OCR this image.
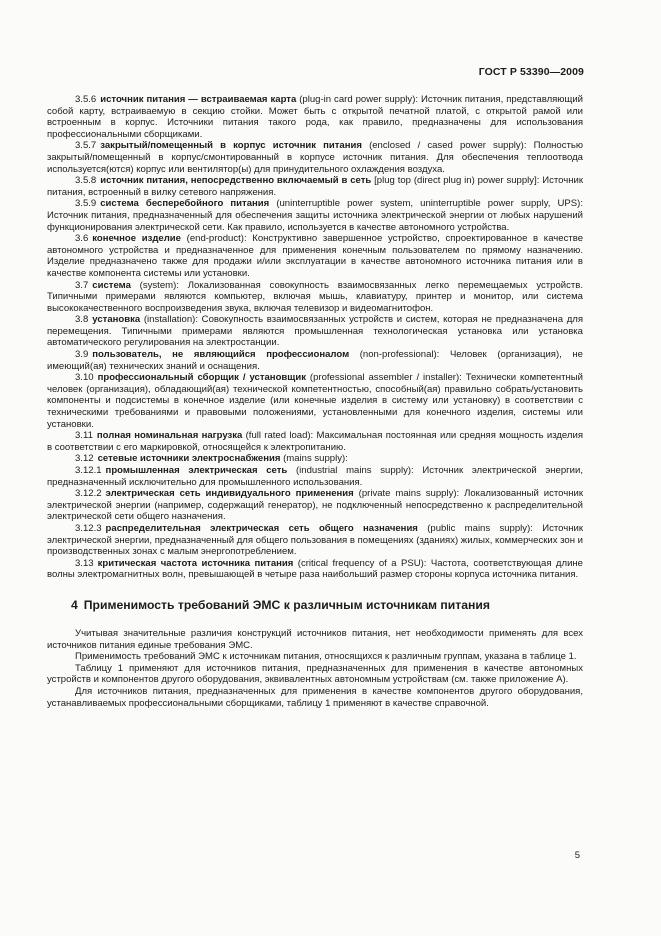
ГОСТ Р 53390—2009

3.5.6 источник питания — встраиваемая карта (plug-in card power supply): Источник питания, представляющий собой карту, встраиваемую в секцию стойки. Может быть с открытой печатной платой, с открытой рамой или встроенным в корпус. Источники питания такого рода, как правило, предназначены для использования профессиональными сборщиками.

3.5.7 закрытый/помещенный в корпус источник питания (enclosed / cased power supply): Полностью закрытый/помещенный в корпус/смонтированный в корпусе источник питания. Для обеспечения теплоотвода используется(ются) корпус или вентилятор(ы) для принудительного охлаждения воздуха.

3.5.8 источник питания, непосредственно включаемый в сеть [plug top (direct plug in) power supply]: Источник питания, встроенный в вилку сетевого напряжения.

3.5.9 система бесперебойного питания (uninterruptible power system, uninterruptible power supply, UPS): Источник питания, предназначенный для обеспечения защиты источника электрической энергии от любых нарушений функционирования электрической сети. Как правило, используется в качестве автономного устройства.

3.6 конечное изделие (end-product): Конструктивно завершенное устройство, спроектированное в качестве автономного устройства и предназначенное для применения конечным пользователем по прямому назначению. Изделие предназначено также для продажи и/или эксплуатации в качестве автономного источника питания или в качестве компонента системы или установки.

3.7 система (system): Локализованная совокупность взаимосвязанных легко перемещаемых устройств. Типичными примерами являются компьютер, включая мышь, клавиатуру, принтер и монитор, или система высококачественного воспроизведения звука, включая телевизор и видеомагнитофон.

3.8 установка (installation): Совокупность взаимосвязанных устройств и систем, которая не предназначена для перемещения. Типичными примерами являются промышленная технологическая установка или установка автоматического регулирования на электростанции.

3.9 пользователь, не являющийся профессионалом (non-professional): Человек (организация), не имеющий(ая) технических знаний и оснащения.

3.10 профессиональный сборщик / установщик (professional assembler / installer): Технически компетентный человек (организация), обладающий(ая) технической компетентностью, способный(ая) правильно собрать/установить компоненты и подсистемы в конечное изделие (или конечные изделия в систему или установку) в соответствии с техническими требованиями и правовыми положениями, установленными для конечного изделия, системы или установки.

3.11 полная номинальная нагрузка (full rated load): Максимальная постоянная или средняя мощность изделия в соответствии с его маркировкой, относящейся к электропитанию.

3.12 сетевые источники электроснабжения (mains supply):

3.12.1 промышленная электрическая сеть (industrial mains supply): Источник электрической энергии, предназначенный исключительно для промышленного использования.

3.12.2 электрическая сеть индивидуального применения (private mains supply): Локализованный источник электрической энергии (например, содержащий генератор), не подключенный непосредственно к распределительной электрической сети общего назначения.

3.12.3 распределительная электрическая сеть общего назначения (public mains supply): Источник электрической энергии, предназначенный для общего пользования в помещениях (зданиях) жилых, коммерческих зон и производственных зонах с малым энергопотреблением.

3.13 критическая частота источника питания (critical frequency of a PSU): Частота, соответствующая длине волны электромагнитных волн, превышающей в четыре раза наибольший размер стороны корпуса источника питания.

4 Применимость требований ЭМС к различным источникам питания

Учитывая значительные различия конструкций источников питания, нет необходимости применять для всех источников питания единые требования ЭМС.

Применимость требований ЭМС к источникам питания, относящихся к различным группам, указана в таблице 1.

Таблицу 1 применяют для источников питания, предназначенных для применения в качестве автономных устройств и компонентов другого оборудования, эквивалентных автономным устройствам (см. также приложение А).

Для источников питания, предназначенных для применения в качестве компонентов другого оборудования, устанавливаемых профессиональными сборщиками, таблицу 1 применяют в качестве справочной.

5
